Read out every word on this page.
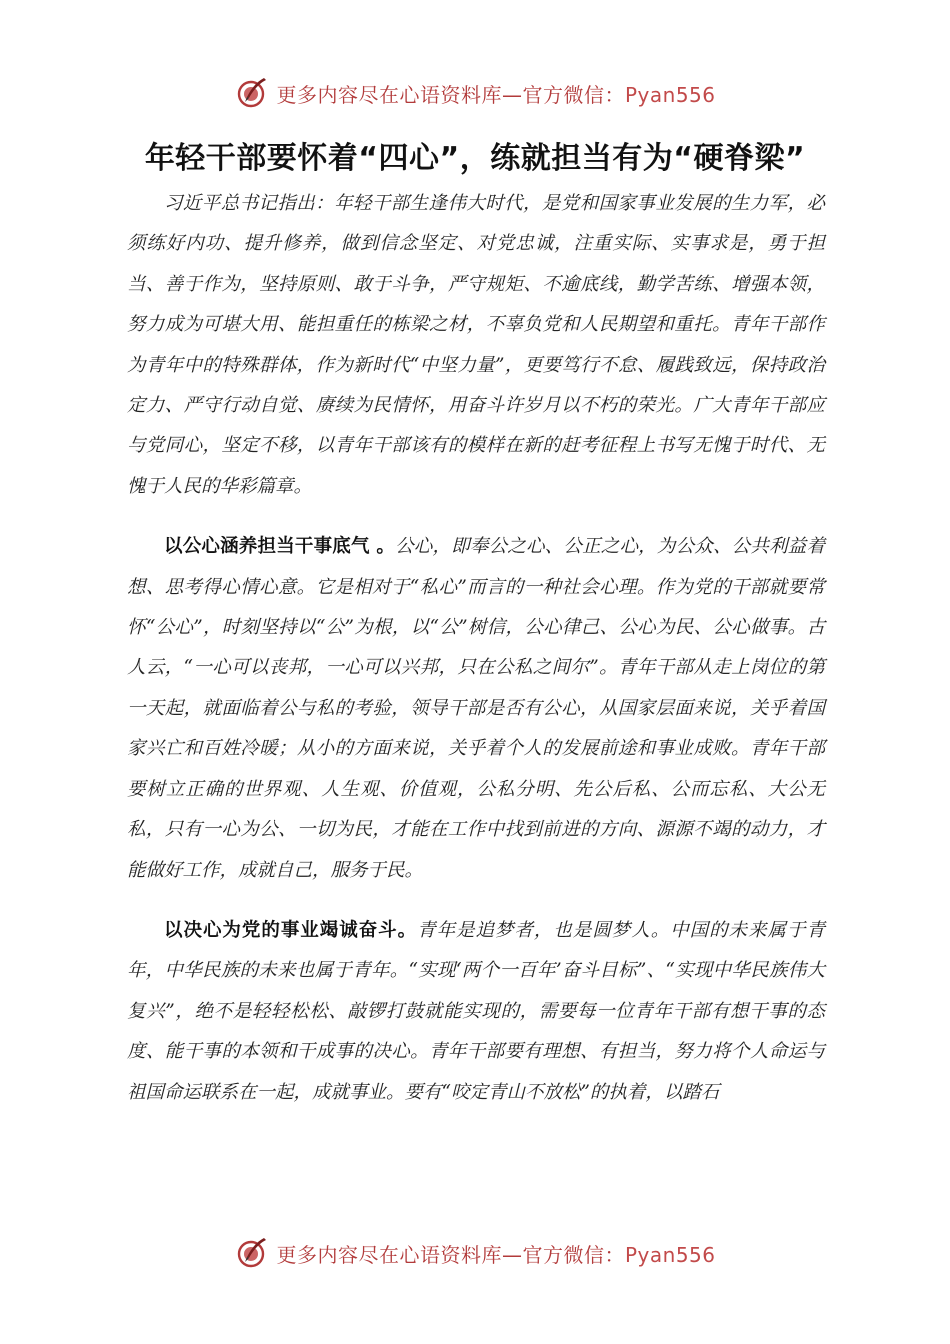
更多内容尽在心语资料库—官方微信：Pyan556
年轻干部要怀着“四心”，练就担当有为“硬脊梁”

习近平总书记指出：年轻干部生逢伟大时代，是党和国家事业发展的生力军，必须练好内功、提升修养，做到信念坚定、对党忠诚，注重实际、实事求是，勇于担当、善于作为，坚持原则、敢于斗争，严守规矩、不逾底线，勤学苦练、增强本领，努力成为可堪大用、能担重任的栋梁之材，不辜负党和人民期望和重托。青年干部作为青年中的特殊群体，作为新时代“中坚力量”，更要笃行不怠、履践致远，保持政治定力、严守行动自觉、赓续为民情怀，用奋斗许岁月以不朽的荣光。广大青年干部应与党同心，坚定不移，以青年干部该有的模样在新的赶考征程上书写无愧于时代、无愧于人民的华彩篇章。

以公心涵养担当干事底气 。公心，即奉公之心、公正之心，为公众、公共利益着想、思考得心情心意。它是相对于“私心”而言的一种社会心理。作为党的干部就要常怀“公心”，时刻坚持以“公”为根，以“公”树信，公心律己、公心为民、公心做事。古人云，“一心可以丧邦，一心可以兴邦，只在公私之间尔”。青年干部从走上岗位的第一天起，就面临着公与私的考验，领导干部是否有公心，从国家层面来说，关乎着国家兴亡和百姓冷暖；从小的方面来说，关乎着个人的发展前途和事业成败。青年干部要树立正确的世界观、人生观、价值观，公私分明、先公后私、公而忘私、大公无私，只有一心为公、一切为民，才能在工作中找到前进的方向、源源不竭的动力，才能做好工作，成就自己，服务于民。

以决心为党的事业竭诚奋斗。青年是追梦者，也是圆梦人。中国的未来属于青年，中华民族的未来也属于青年。“实现‘两个一百年’奋斗目标”、“实现中华民族伟大复兴”，绝不是轻轻松松、敲锣打鼓就能实现的，需要每一位青年干部有想干事的态度、能干事的本领和干成事的决心。青年干部要有理想、有担当，努力将个人命运与祖国命运联系在一起，成就事业。要有“咬定青山不放松”的执着，以踏石

更多内容尽在心语资料库—官方微信：Pyan556
